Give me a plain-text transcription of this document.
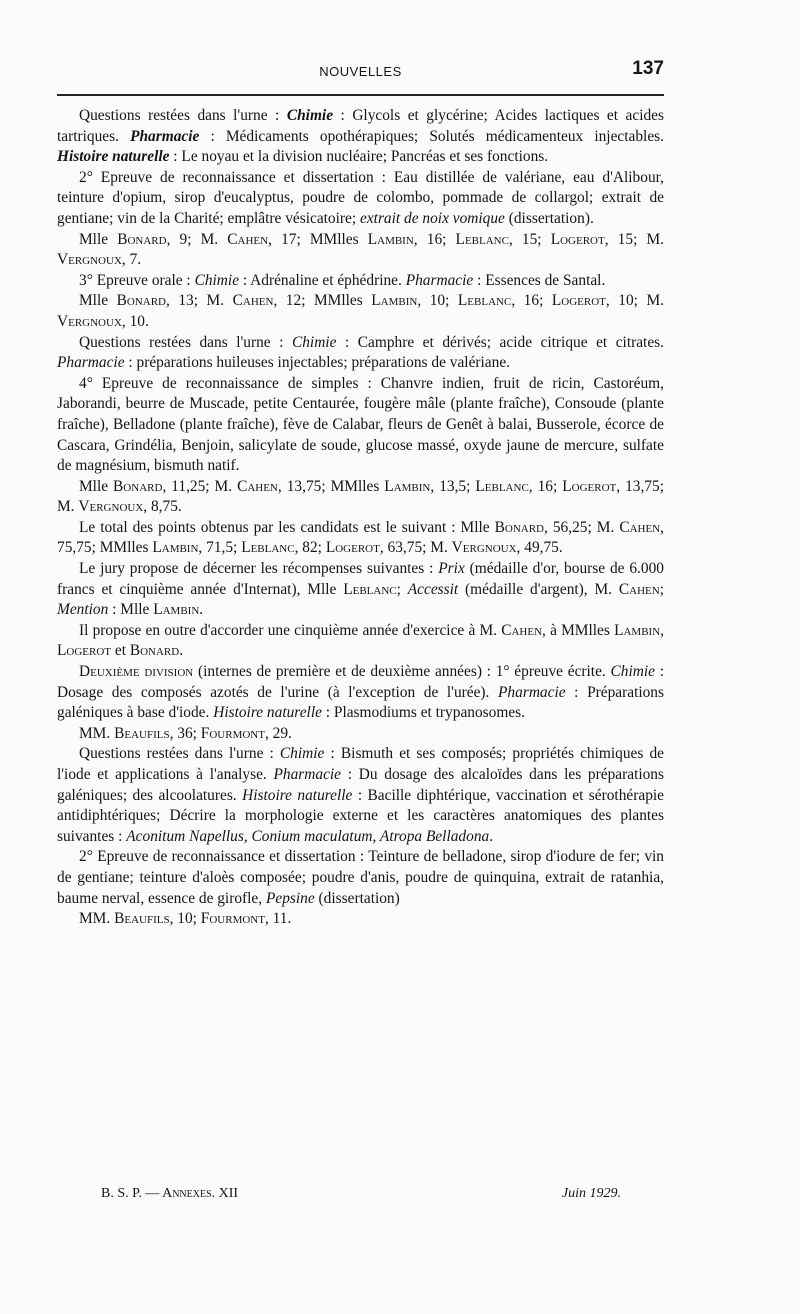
NOUVELLES	137

Questions restées dans l'urne : Chimie : Glycols et glycérine; Acides lactiques et acides tartriques. Pharmacie : Médicaments opothérapiques; Solutés médicamenteux injectables. Histoire naturelle : Le noyau et la division nucléaire; Pancréas et ses fonctions.

2° Epreuve de reconnaissance et dissertation : Eau distillée de valériane, eau d'Alibour, teinture d'opium, sirop d'eucalyptus, poudre de colombo, pommade de collargol; extrait de gentiane; vin de la Charité; emplâtre vésicatoire; extrait de noix vomique (dissertation).

Mlle Bonard, 9; M. Cahen, 17; MMlles Lambin, 16; Leblanc, 15; Logerot, 15; M. Vergnoux, 7.

3° Epreuve orale : Chimie : Adrénaline et éphédrine. Pharmacie : Essences de Santal.

Mlle Bonard, 13; M. Cahen, 12; MMlles Lambin, 10; Leblanc, 16; Logerot, 10; M. Vergnoux, 10.

Questions restées dans l'urne : Chimie : Camphre et dérivés; acide citrique et citrates. Pharmacie : préparations huileuses injectables; préparations de valériane.

4° Epreuve de reconnaissance de simples : Chanvre indien, fruit de ricin, Castoréum, Jaborandi, beurre de Muscade, petite Centaurée, fougère mâle (plante fraîche), Consoude (plante fraîche), Belladone (plante fraîche), fève de Calabar, fleurs de Genêt à balai, Busserole, écorce de Cascara, Grindélia, Benjoin, salicylate de soude, glucose massé, oxyde jaune de mercure, sulfate de magnésium, bismuth natif.

Mlle Bonard, 11,25; M. Cahen, 13,75; MMlles Lambin, 13,5; Leblanc, 16; Logerot, 13,75; M. Vergnoux, 8,75.

Le total des points obtenus par les candidats est le suivant : Mlle Bonard, 56,25; M. Cahen, 75,75; MMlles Lambin, 71,5; Leblanc, 82; Logerot, 63,75; M. Vergnoux, 49,75.

Le jury propose de décerner les récompenses suivantes : Prix (médaille d'or, bourse de 6.000 francs et cinquième année d'Internat), Mlle Leblanc; Accessit (médaille d'argent), M. Cahen; Mention : Mlle Lambin.

Il propose en outre d'accorder une cinquième année d'exercice à M. Cahen, à MMlles Lambin, Logerot et Bonard.

Deuxième division (internes de première et de deuxième années) : 1° épreuve écrite. Chimie : Dosage des composés azotés de l'urine (à l'exception de l'urée). Pharmacie : Préparations galéniques à base d'iode. Histoire naturelle : Plasmodiums et trypanosomes.

MM. Beaufils, 36; Fourmont, 29.

Questions restées dans l'urne : Chimie : Bismuth et ses composés; propriétés chimiques de l'iode et applications à l'analyse. Pharmacie : Du dosage des alcaloïdes dans les préparations galéniques; des alcoolatures. Histoire naturelle : Bacille diphtérique, vaccination et sérothérapie antidiphtériques; Décrire la morphologie externe et les caractères anatomiques des plantes suivantes : Aconitum Napellus, Conium maculatum, Atropa Belladona.

2° Epreuve de reconnaissance et dissertation : Teinture de belladone, sirop d'iodure de fer; vin de gentiane; teinture d'aloès composée; poudre d'anis, poudre de quinquina, extrait de ratanhia, baume nerval, essence de girofle, Pepsine (dissertation)

MM. Beaufils, 10; Fourmont, 11.

B. S. P. — Annexes. XII	Juin 1929.
